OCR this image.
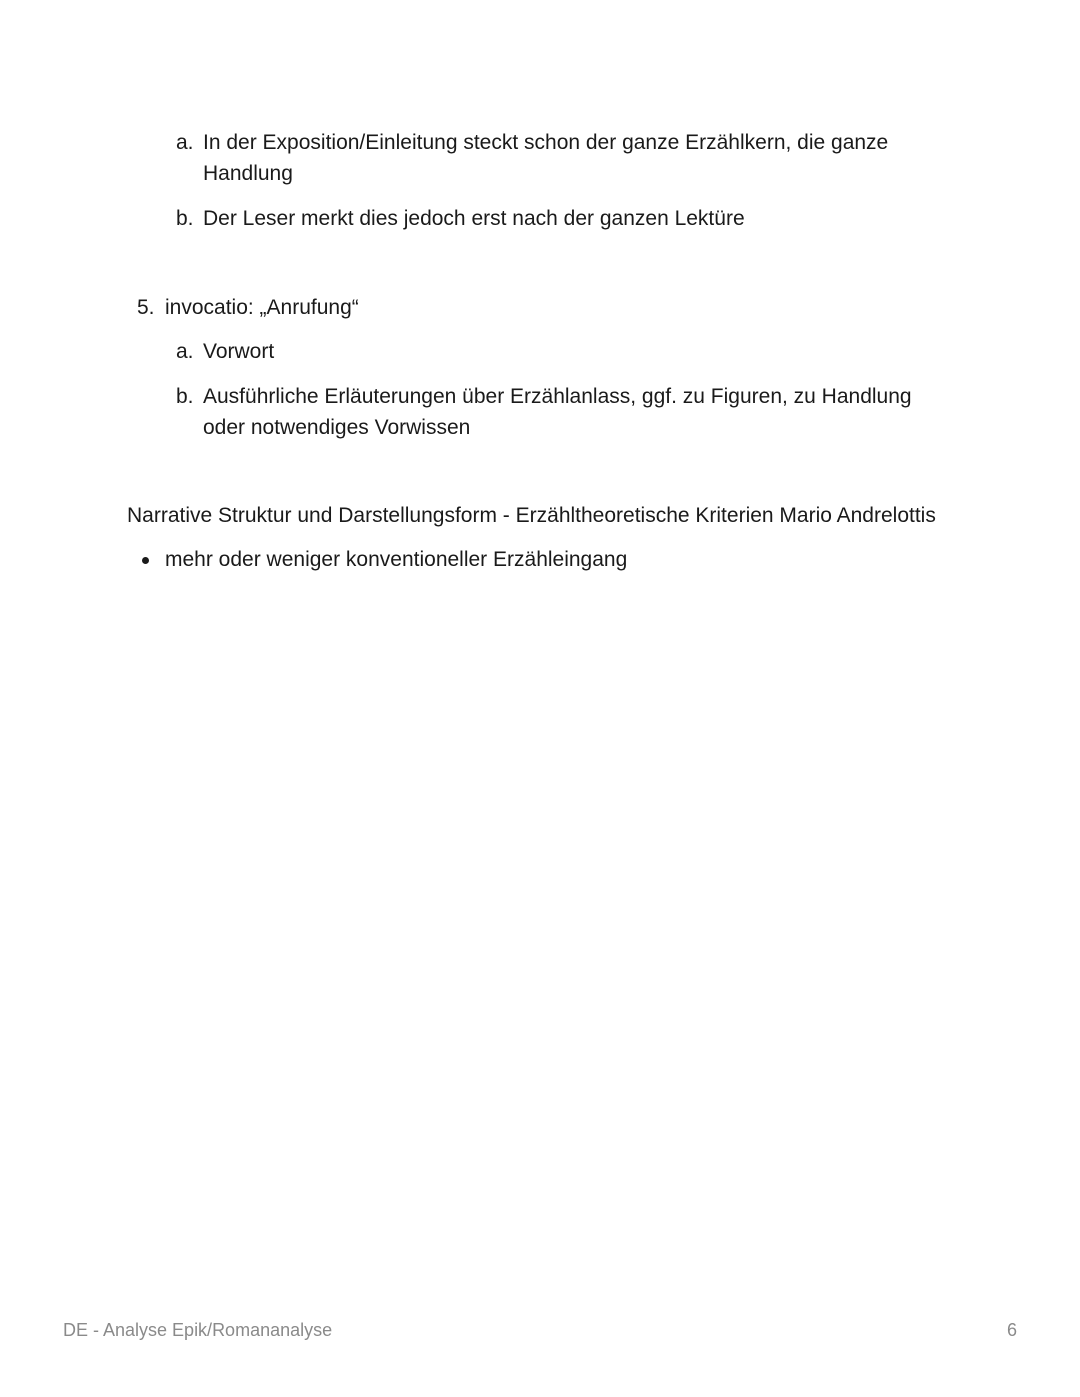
a. In der Exposition/Einleitung steckt schon der ganze Erzählkern, die ganze
Handlung
b. Der Leser merkt dies jedoch erst nach der ganzen Lektüre
5. invocatio: „Anrufung“
a. Vorwort
b. Ausführliche Erläuterungen über Erzählanlass, ggf. zu Figuren, zu Handlung
oder notwendiges Vorwissen
Narrative Struktur und Darstellungsform - Erzähltheoretische Kriterien Mario Andrelottis
mehr oder weniger konventioneller Erzähleingang
DE - Analyse Epik/Romananalyse	6
